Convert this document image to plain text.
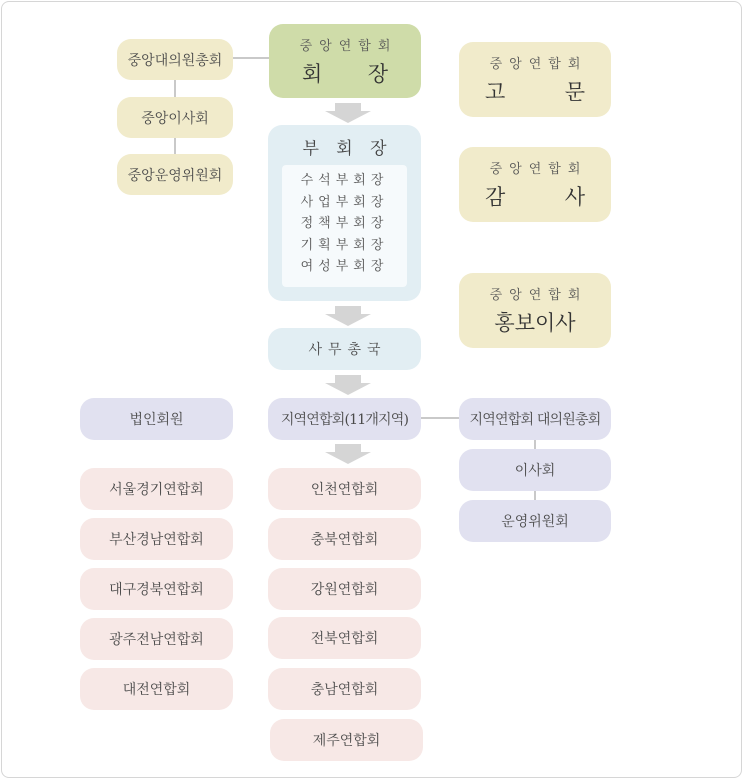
중앙대의원총회
중앙이사회
중앙운영위원회
중앙연합회
회 장
부 회 장
수석부회장
사업부회장
정책부회장
기획부회장
여성부회장
사무총국
중앙연합회
고	문
중앙연합회
감	사
중앙연합회
홍보이사
법인회원	지역연합회(11개지역)	지역연합회 대의원총회
이사회
운영위원회
서울경기연합회
부산경남연합회
대구경북연합회
광주전남연합회
대전연합회
인천연합회
충북연합회
강원연합회
전북연합회
충남연합회
제주연합회
